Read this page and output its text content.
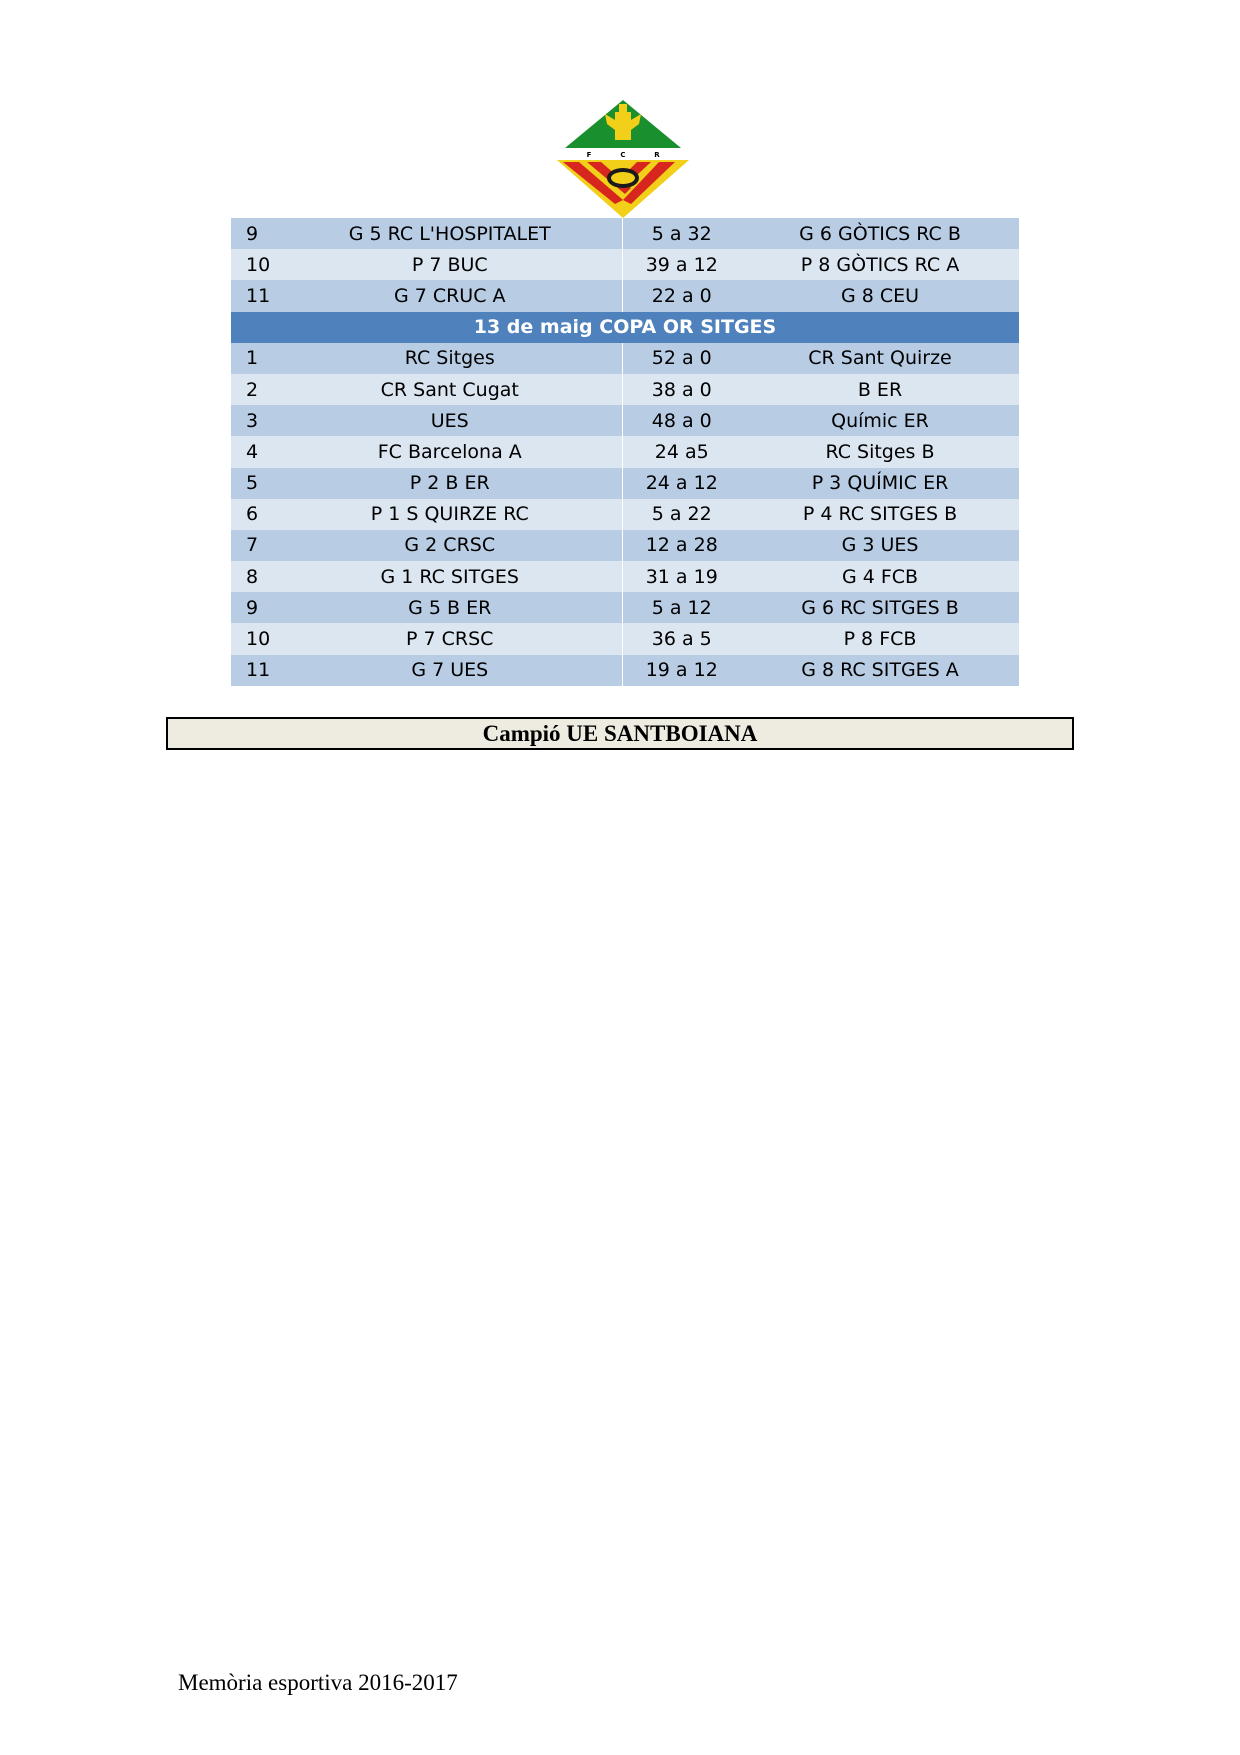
F	C	R
9	G 5 RC L'HOSPITALET	5 a 32	G 6 GÒTICS RC B
10	P 7 BUC	39 a 12	P 8 GÒTICS RC A
11	G 7 CRUC A	22 a 0	G 8 CEU
13 de maig COPA OR SITGES			
1	RC Sitges	52 a 0	CR Sant Quirze
2	CR Sant Cugat	38 a 0	B ER
3	UES	48 a 0	Químic ER
4	FC Barcelona A	24 a5	RC Sitges B
5	P 2 B ER	24 a 12	P 3 QUÍMIC ER
6	P 1 S QUIRZE RC	5 a 22	P 4 RC SITGES B
7	G 2 CRSC	12 a 28	G 3 UES
8	G 1 RC SITGES	31 a 19	G 4 FCB
9	G 5 B ER	5 a 12	G 6 RC SITGES B
10	P 7 CRSC	36 a 5	P 8 FCB
11	G 7 UES	19 a 12	G 8 RC SITGES A
Campió UE SANTBOIANA
Memòria esportiva 2016-2017
